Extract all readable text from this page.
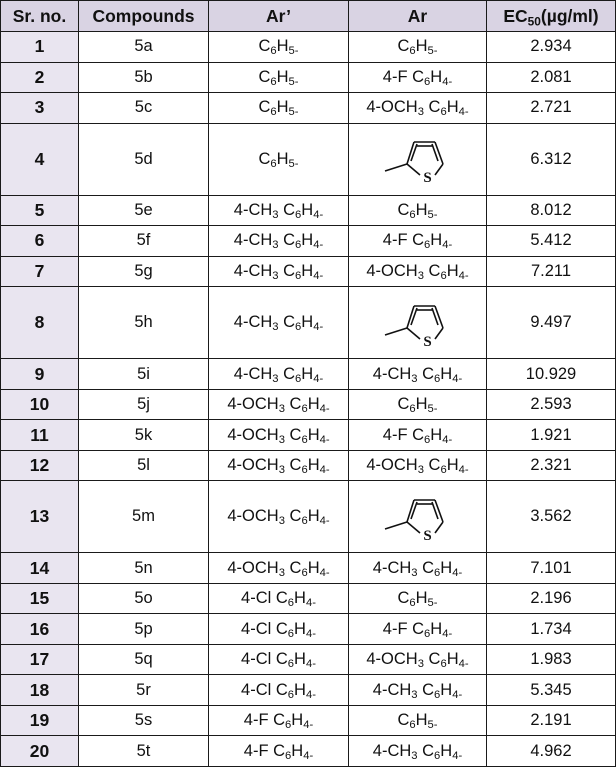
Sr. no.	Compounds	Ar’	Ar	$EC_{50}(\mu g/ml)$
1	5a	$C_6H_{5-}$	$C_6H_{5-}$	2.934
2	5b	$C_6H_{5-}$	4-F $C_6H_{4-}$	2.081
3	5c	$C_6H_{5-}$	$4-OCH_3$ $C_6H_{4-}$	2.721
4	5d	$C_6H_{5-}$	S	6.312
5	5e	$4-CH_3$ $C_6H_{4-}$	$C_6H_{5-}$	8.012
6	5f	$4-CH_3$ $C_6H_{4-}$	4-F $C_6H_{4-}$	5.412
7	5g	$4-CH_3$ $C_6H_{4-}$	$4-OCH_3$ $C_6H_{4-}$	7.211
8	5h	$4-CH_3$ $C_6H_{4-}$	S	9.497
9	5i	$4-CH_3$ $C_6H_{4-}$	$4-CH_3$ $C_6H_{4-}$	10.929
10	5j	$4-OCH_3$ $C_6H_{4-}$	$C_6H_{5-}$	2.593
11	5k	$4-OCH_3$ $C_6H_{4-}$	4-F $C_6H_{4-}$	1.921
12	5l	$4-OCH_3$ $C_6H_{4-}$	$4-OCH_3$ $C_6H_{4-}$	2.321
13	5m	$4-OCH_3$ $C_6H_{4-}$	S	3.562
14	5n	$4-OCH_3$ $C_6H_{4-}$	$4-CH_3$ $C_6H_{4-}$	7.101
15	5o	4-Cl $C_6H_{4-}$	$C_6H_{5-}$	2.196
16	5p	4-Cl $C_6H_{4-}$	4-F $C_6H_{4-}$	1.734
17	5q	4-Cl $C_6H_{4-}$	$4-OCH_3$ $C_6H_{4-}$	1.983
18	5r	4-Cl $C_6H_{4-}$	$4-CH_3$ $C_6H_{4-}$	5.345
19	5s	4-F $C_6H_{4-}$	$C_6H_{5-}$	2.191
20	5t	4-F $C_6H_{4-}$	$4-CH_3$ $C_6H_{4-}$	4.962
